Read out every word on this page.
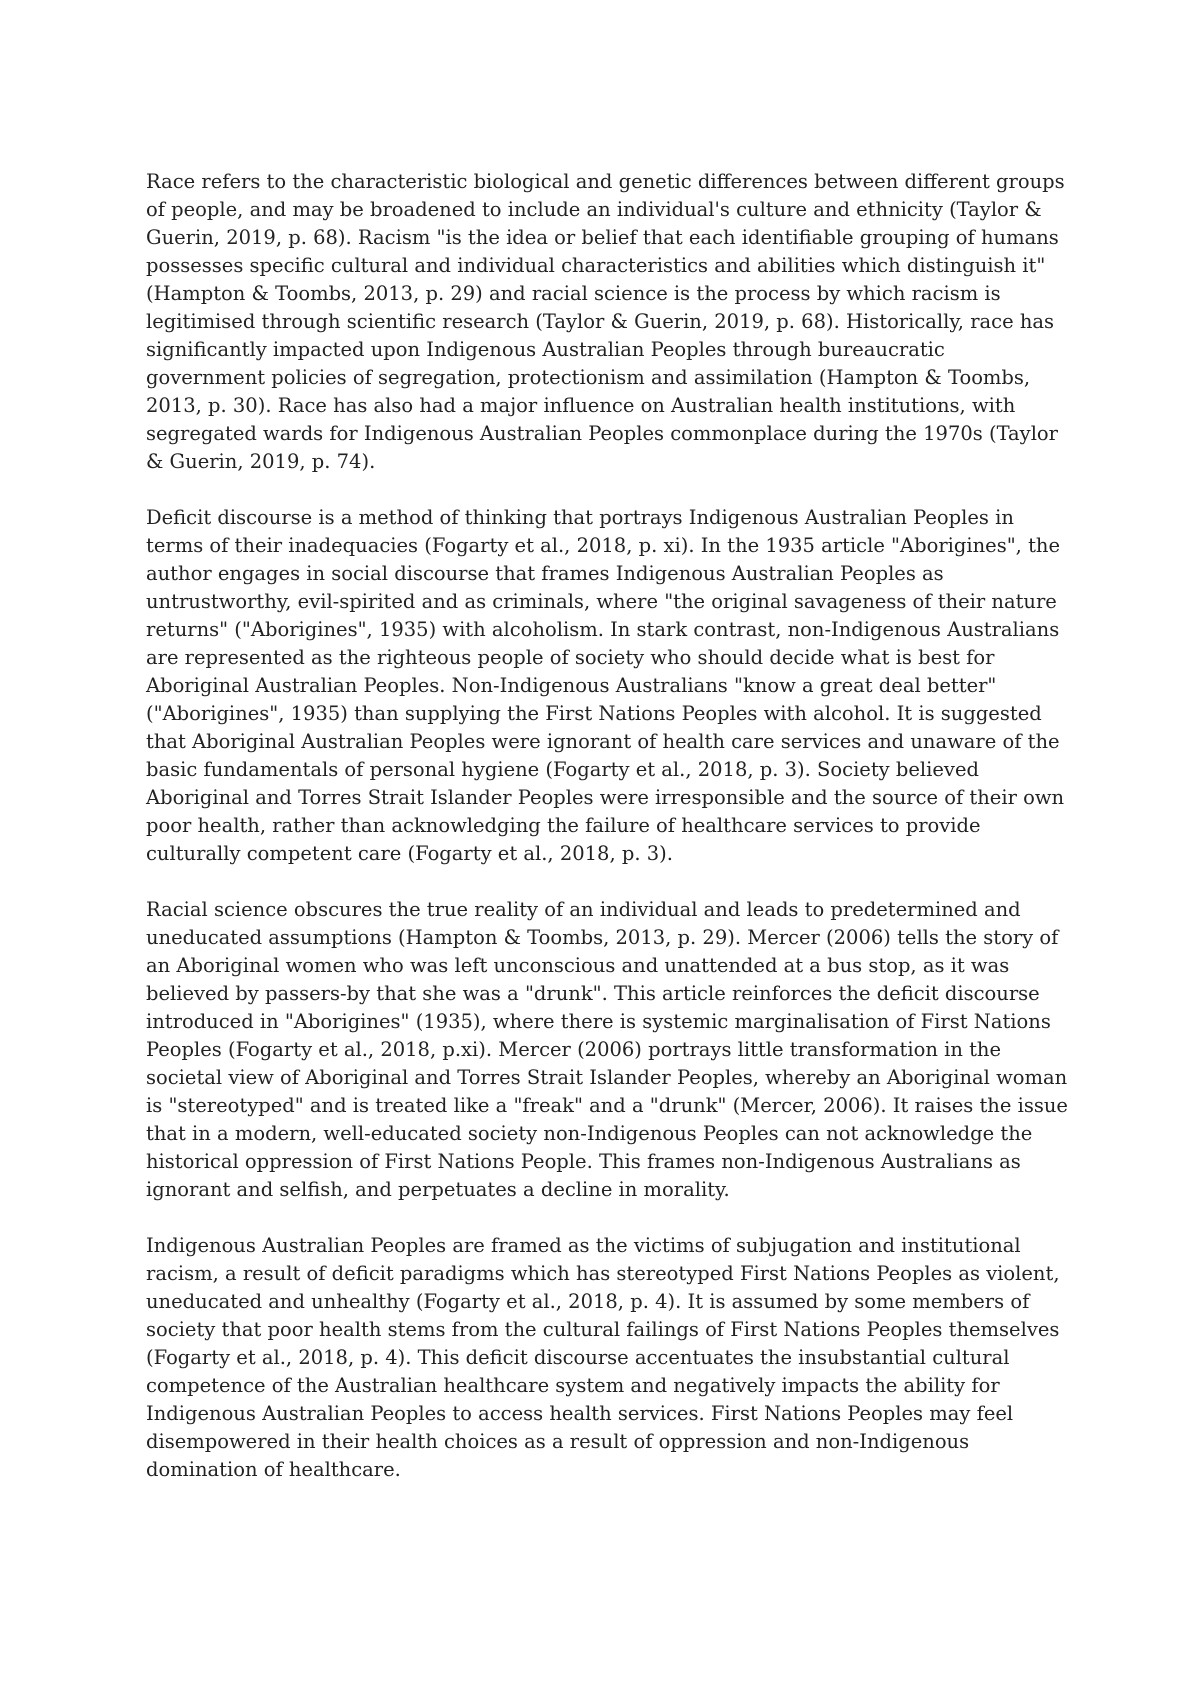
Race refers to the characteristic biological and genetic differences between different groups of people, and may be broadened to include an individual's culture and ethnicity (Taylor & Guerin, 2019, p. 68). Racism "is the idea or belief that each identifiable grouping of humans possesses specific cultural and individual characteristics and abilities which distinguish it" (Hampton & Toombs, 2013, p. 29) and racial science is the process by which racism is legitimised through scientific research (Taylor & Guerin, 2019, p. 68). Historically, race has significantly impacted upon Indigenous Australian Peoples through bureaucratic government policies of segregation, protectionism and assimilation (Hampton & Toombs, 2013, p. 30). Race has also had a major influence on Australian health institutions, with segregated wards for Indigenous Australian Peoples commonplace during the 1970s (Taylor & Guerin, 2019, p. 74).

Deficit discourse is a method of thinking that portrays Indigenous Australian Peoples in terms of their inadequacies (Fogarty et al., 2018, p. xi). In the 1935 article "Aborigines", the author engages in social discourse that frames Indigenous Australian Peoples as untrustworthy, evil-spirited and as criminals, where "the original savageness of their nature returns" ("Aborigines", 1935) with alcoholism. In stark contrast, non-Indigenous Australians are represented as the righteous people of society who should decide what is best for Aboriginal Australian Peoples. Non-Indigenous Australians "know a great deal better" ("Aborigines", 1935) than supplying the First Nations Peoples with alcohol. It is suggested that Aboriginal Australian Peoples were ignorant of health care services and unaware of the basic fundamentals of personal hygiene (Fogarty et al., 2018, p. 3). Society believed Aboriginal and Torres Strait Islander Peoples were irresponsible and the source of their own poor health, rather than acknowledging the failure of healthcare services to provide culturally competent care (Fogarty et al., 2018, p. 3).

Racial science obscures the true reality of an individual and leads to predetermined and uneducated assumptions (Hampton & Toombs, 2013, p. 29). Mercer (2006) tells the story of an Aboriginal women who was left unconscious and unattended at a bus stop, as it was believed by passers-by that she was a "drunk". This article reinforces the deficit discourse introduced in "Aborigines" (1935), where there is systemic marginalisation of First Nations Peoples (Fogarty et al., 2018, p.xi). Mercer (2006) portrays little transformation in the societal view of Aboriginal and Torres Strait Islander Peoples, whereby an Aboriginal woman is "stereotyped" and is treated like a "freak" and a "drunk" (Mercer, 2006). It raises the issue that in a modern, well-educated society non-Indigenous Peoples can not acknowledge the historical oppression of First Nations People. This frames non-Indigenous Australians as ignorant and selfish, and perpetuates a decline in morality.

Indigenous Australian Peoples are framed as the victims of subjugation and institutional racism, a result of deficit paradigms which has stereotyped First Nations Peoples as violent, uneducated and unhealthy (Fogarty et al., 2018, p. 4). It is assumed by some members of society that poor health stems from the cultural failings of First Nations Peoples themselves (Fogarty et al., 2018, p. 4). This deficit discourse accentuates the insubstantial cultural competence of the Australian healthcare system and negatively impacts the ability for Indigenous Australian Peoples to access health services. First Nations Peoples may feel disempowered in their health choices as a result of oppression and non-Indigenous domination of healthcare.
